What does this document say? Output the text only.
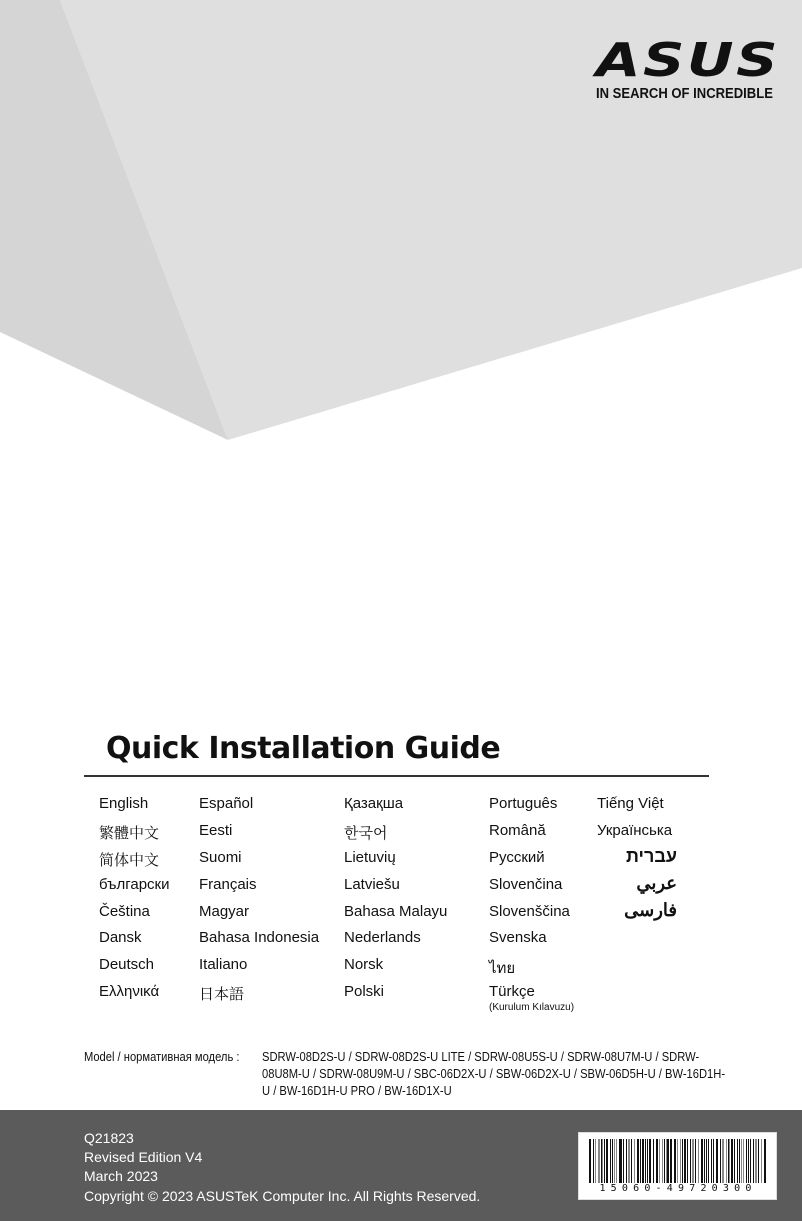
ASUS
IN SEARCH OF INCREDIBLE
Quick Installation Guide
English
繁體中文
简体中文
български
Čeština
Dansk
Deutsch
Ελληνικά
Español
Eesti
Suomi
Français
Magyar
Bahasa Indonesia
Italiano
日本語
Қазақша
한국어
Lietuvių
Latviešu
Bahasa Malayu
Nederlands
Norsk
Polski
Português
Română
Русский
Slovenčina
Slovenščina
Svenska
ไทย
Türkçe
Tiếng Việt
Українська
עברית
عربي
فارسی
(Kurulum Kılavuzu)
Model / нормативная модель : SDRW-08D2S-U / SDRW-08D2S-U LITE / SDRW-08U5S-U / SDRW-08U7M-U / SDRW-08U8M-U / SDRW-08U9M-U / SBC-06D2X-U / SBW-06D2X-U / SBW-06D5H-U / BW-16D1H-U / BW-16D1H-U PRO / BW-16D1X-U
Q21823
Revised Edition V4
March 2023
Copyright © 2023 ASUSTeK Computer Inc. All Rights Reserved.	15060-49720300
